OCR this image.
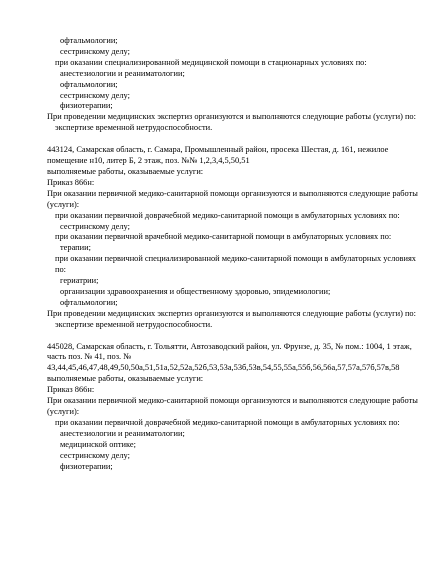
офтальмологии;
сестринскому делу;
при оказании специализированной медицинской помощи в стационарных условиях по:
анестезиологии и реаниматологии;
офтальмологии;
сестринскому делу;
физиотерапии;
При проведении медицинских экспертиз организуются и выполняются следующие работы (услуги) по:
экспертизе временной нетрудоспособности.
443124, Самарская область, г. Самара, Промышленный район, просека Шестая, д. 161, нежилое помещение н10, литер Б, 2 этаж, поз. №№ 1,2,3,4,5,50,51
выполняемые работы, оказываемые услуги:
Приказ 866н:
При оказании первичной медико-санитарной помощи организуются и выполняются следующие работы (услуги):
при оказании первичной доврачебной медико-санитарной помощи в амбулаторных условиях по:
сестринскому делу;
при оказании первичной врачебной медико-санитарной помощи в амбулаторных условиях по:
терапии;
при оказании первичной специализированной медико-санитарной помощи в амбулаторных условиях по:
гериатрии;
организации здравоохранения и общественному здоровью, эпидемиологии;
офтальмологии;
При проведении медицинских экспертиз организуются и выполняются следующие работы (услуги) по:
экспертизе временной нетрудоспособности.
445028, Самарская область, г. Тольятти, Автозаводский район, ул. Фрунзе, д. 35, № пом.: 1004, 1 этаж, часть поз. № 41, поз. № 43,44,45,46,47,48,49,50,50а,51,51а,52,52а,52б,53,53а,53б,53в,54,55,55а,55б,56,56а,57,57а,57б,57в,58
выполняемые работы, оказываемые услуги:
Приказ 866н:
При оказании первичной медико-санитарной помощи организуются и выполняются следующие работы (услуги):
при оказании первичной доврачебной медико-санитарной помощи в амбулаторных условиях по:
анестезиологии и реаниматологии;
медицинской оптике;
сестринскому делу;
физиотерапии;
